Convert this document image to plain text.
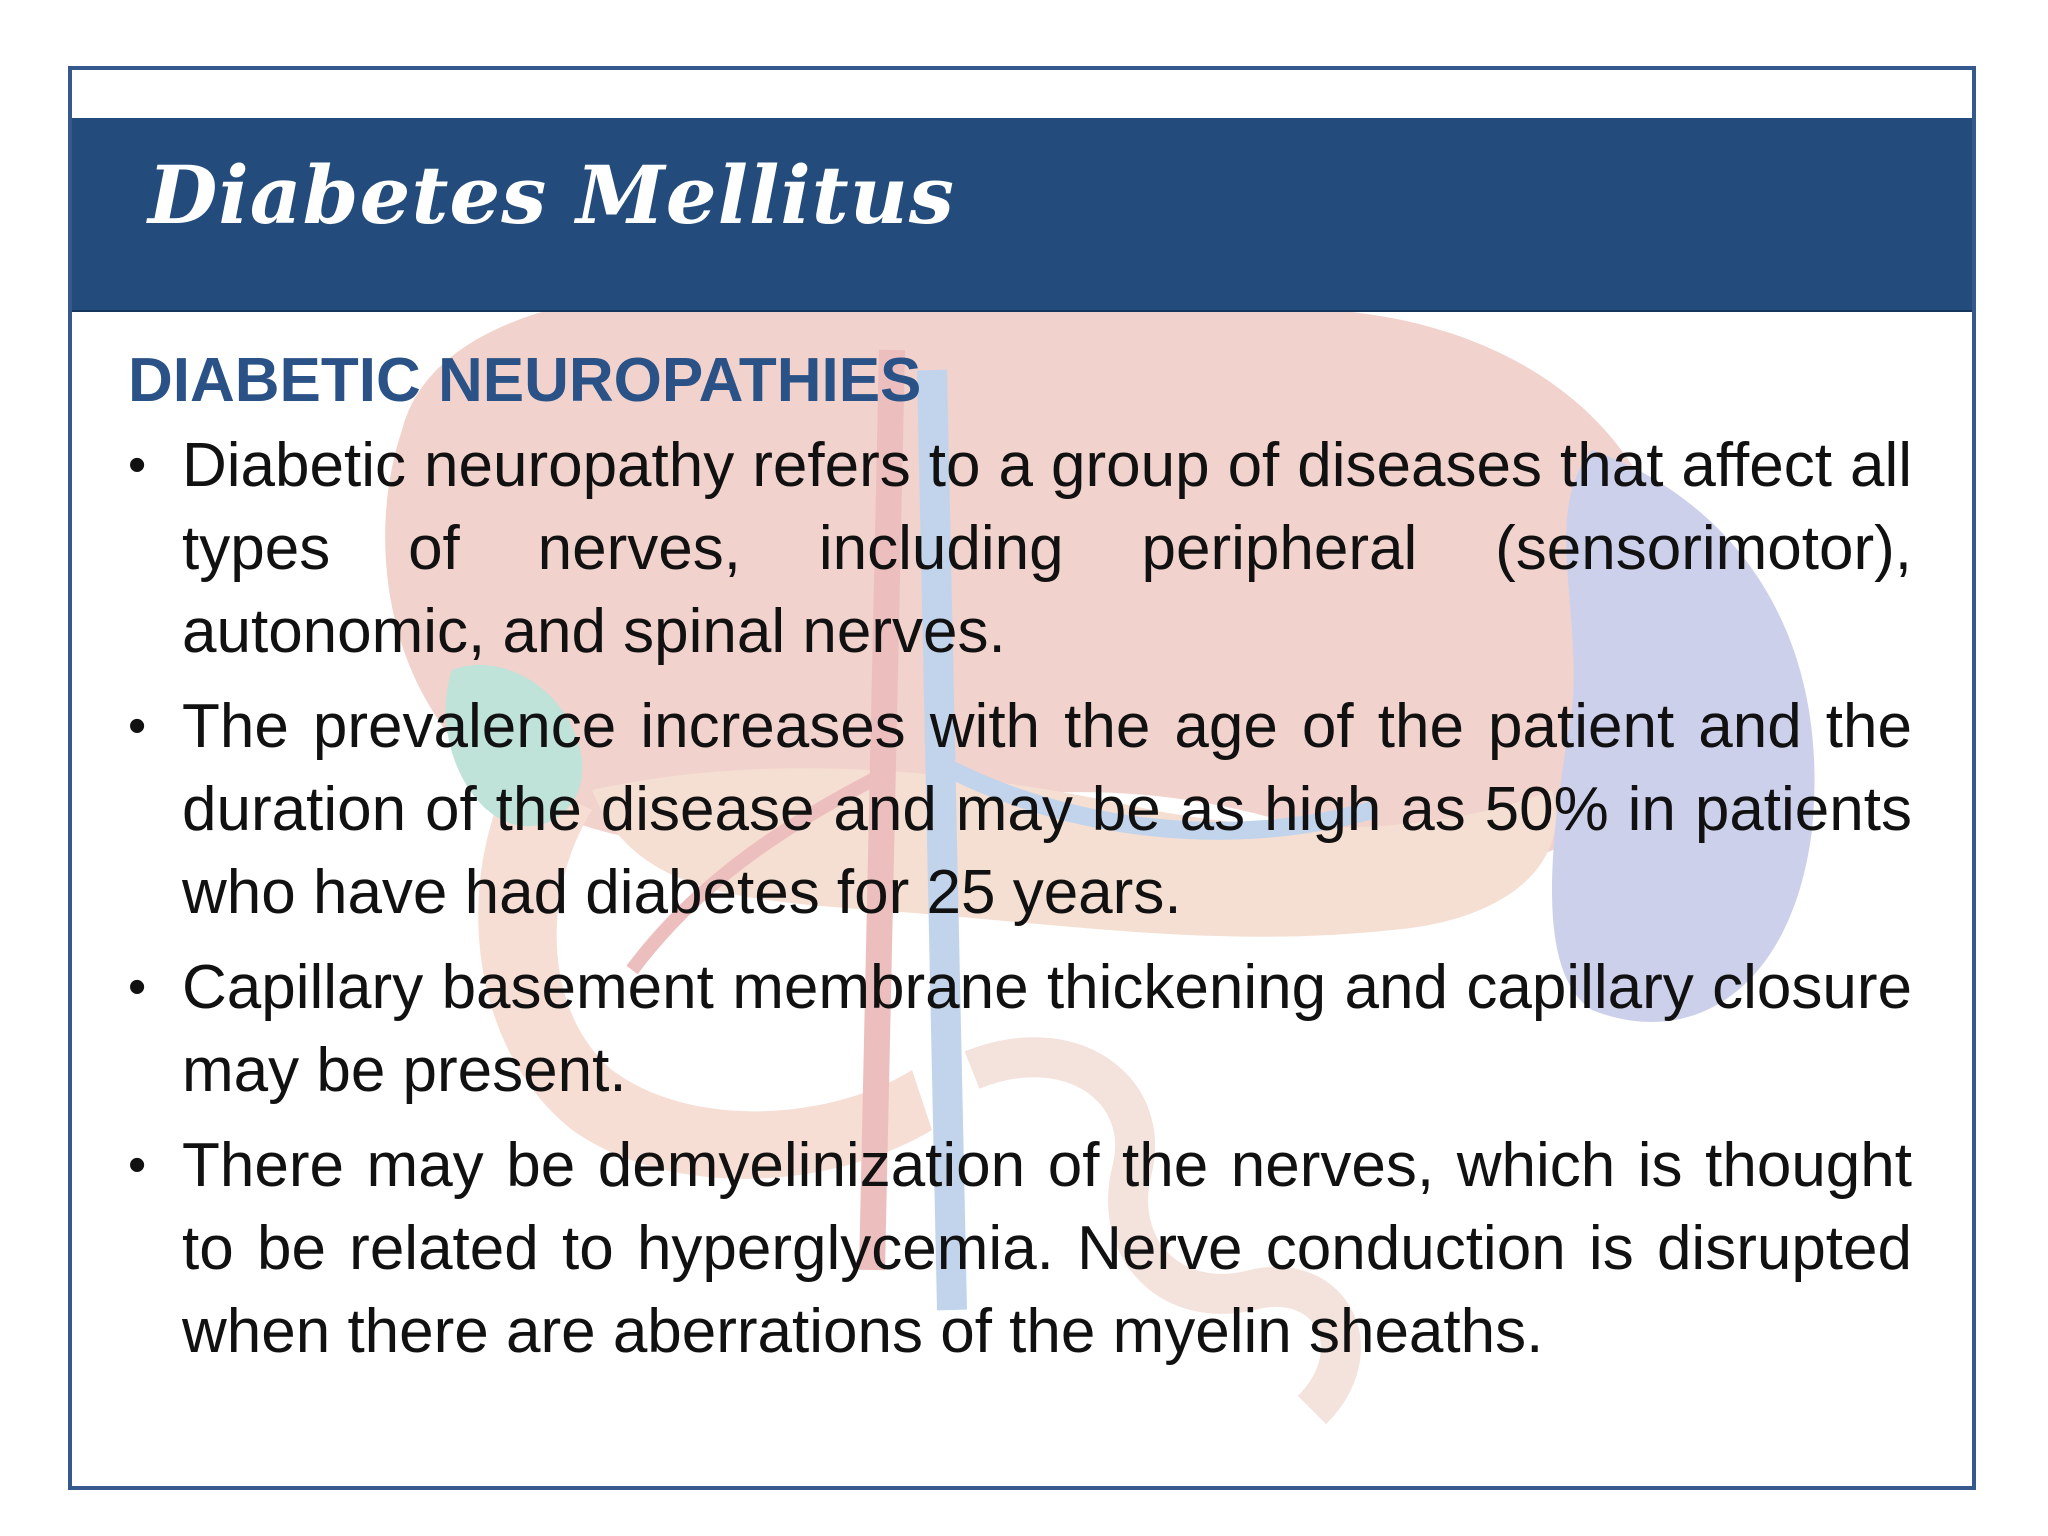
Diabetes Mellitus
DIABETIC NEUROPATHIES
• Diabetic neuropathy refers to a group of diseases that affect all types of nerves, including peripheral (sensorimotor), autonomic, and spinal nerves.
• The prevalence increases with the age of the patient and the duration of the disease and may be as high as 50% in patients who have had diabetes for 25 years.
• Capillary basement membrane thickening and capillary closure may be present.
• There may be demyelinization of the nerves, which is thought to be related to hyperglycemia. Nerve conduction is disrupted when there are aberrations of the myelin sheaths.
